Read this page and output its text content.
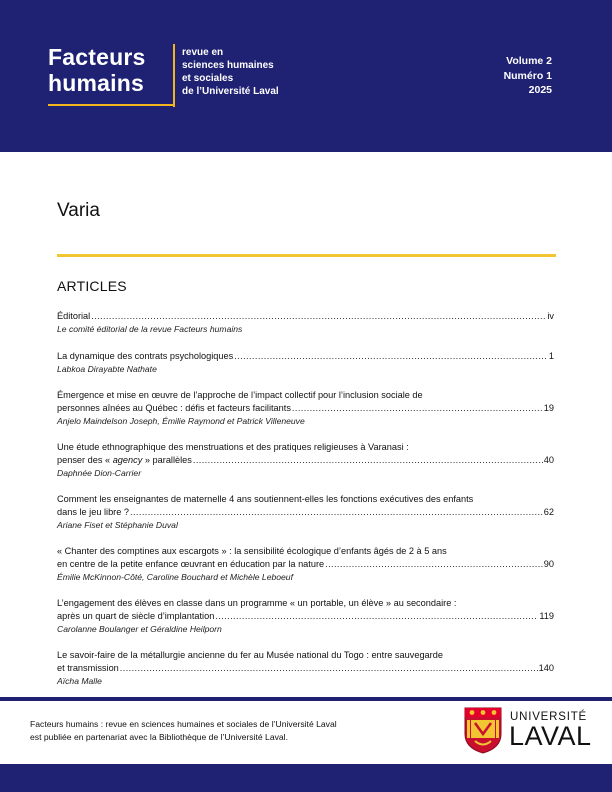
Facteurs
humains
revue en
sciences humaines
et sociales
de l’Université Laval
Volume 2
Numéro 1
2025
Varia
ARTICLES
Éditorial .....	iv
Le comité éditorial de la revue Facteurs humains
La dynamique des contrats psychologiques .....	1
Labkoa Dirayabte Nathate
Émergence et mise en œuvre de l’approche de l’impact collectif pour l’inclusion sociale de
personnes aînées au Québec : défis et facteurs facilitants .....	19
Anjelo Maindelson Joseph, Émilie Raymond et Patrick Villeneuve
Une étude ethnographique des menstruations et des pratiques religieuses à Varanasi :
penser des « agency » parallèles .....	40
Daphnée Dion-Carrier
Comment les enseignantes de maternelle 4 ans soutiennent-elles les fonctions exécutives des enfants
dans le jeu libre ? .....	62
Ariane Fiset et Stéphanie Duval
« Chanter des comptines aux escargots » : la sensibilité écologique d’enfants âgés de 2 à 5 ans
en centre de la petite enfance œuvrant en éducation par la nature .....	90
Émilie McKinnon-Côté, Caroline Bouchard et Michèle Leboeuf
L’engagement des élèves en classe dans un programme « un portable, un élève » au secondaire :
après un quart de siècle d’implantation .....	119
Carolanne Boulanger et Géraldine Heilporn
Le savoir-faire de la métallurgie ancienne du fer au Musée national du Togo : entre sauvegarde
et transmission .....	140
Aïcha Malle
Facteurs humains : revue en sciences humaines et sociales de l’Université Laval
est publiée en partenariat avec la Bibliothèque de l’Université Laval.
UNIVERSITÉ
LAVAL
